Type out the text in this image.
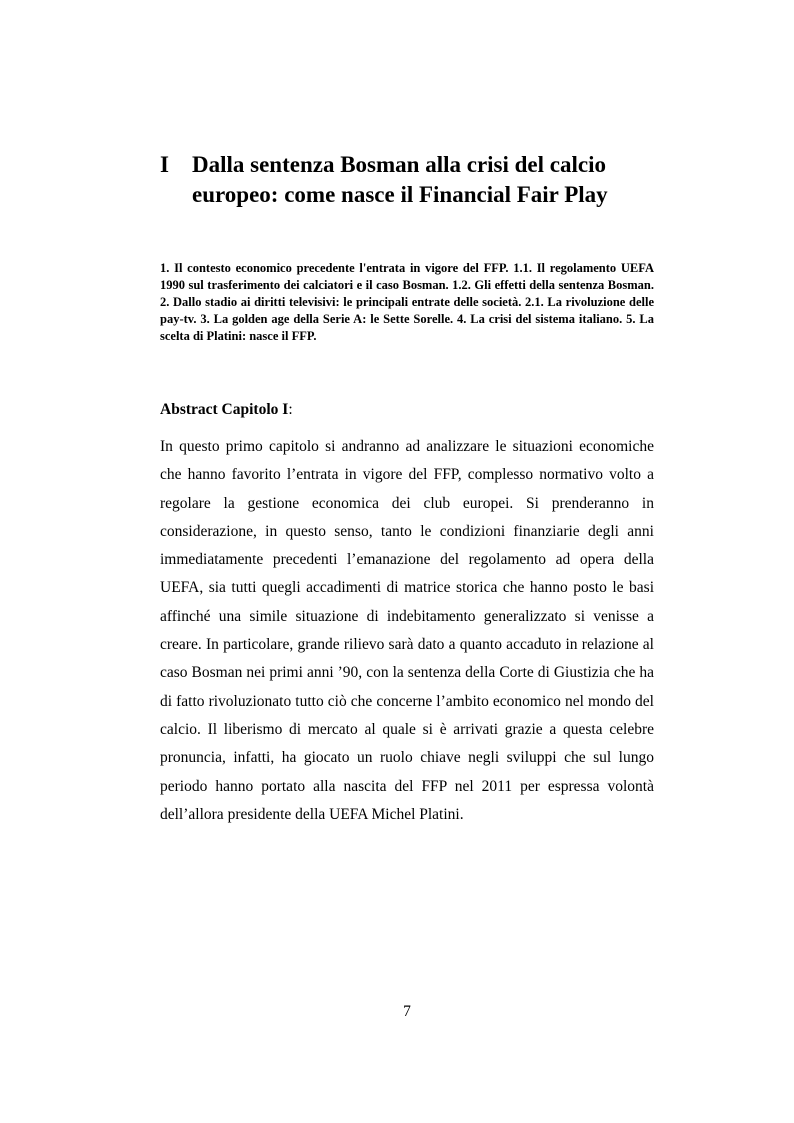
I	Dalla sentenza Bosman alla crisi del calcio europeo: come nasce il Financial Fair Play
1. Il contesto economico precedente l'entrata in vigore del FFP. 1.1. Il regolamento UEFA 1990 sul trasferimento dei calciatori e il caso Bosman. 1.2. Gli effetti della sentenza Bosman. 2. Dallo stadio ai diritti televisivi: le principali entrate delle società. 2.1. La rivoluzione delle pay-tv. 3. La golden age della Serie A: le Sette Sorelle. 4. La crisi del sistema italiano. 5. La scelta di Platini: nasce il FFP.
Abstract Capitolo I:

In questo primo capitolo si andranno ad analizzare le situazioni economiche che hanno favorito l’entrata in vigore del FFP, complesso normativo volto a regolare la gestione economica dei club europei. Si prenderanno in considerazione, in questo senso, tanto le condizioni finanziarie degli anni immediatamente precedenti l’emanazione del regolamento ad opera della UEFA, sia tutti quegli accadimenti di matrice storica che hanno posto le basi affinché una simile situazione di indebitamento generalizzato si venisse a creare. In particolare, grande rilievo sarà dato a quanto accaduto in relazione al caso Bosman nei primi anni ’90, con la sentenza della Corte di Giustizia che ha di fatto rivoluzionato tutto ciò che concerne l’ambito economico nel mondo del calcio. Il liberismo di mercato al quale si è arrivati grazie a questa celebre pronuncia, infatti, ha giocato un ruolo chiave negli sviluppi che sul lungo periodo hanno portato alla nascita del FFP nel 2011 per espressa volontà dell’allora presidente della UEFA Michel Platini.

7
